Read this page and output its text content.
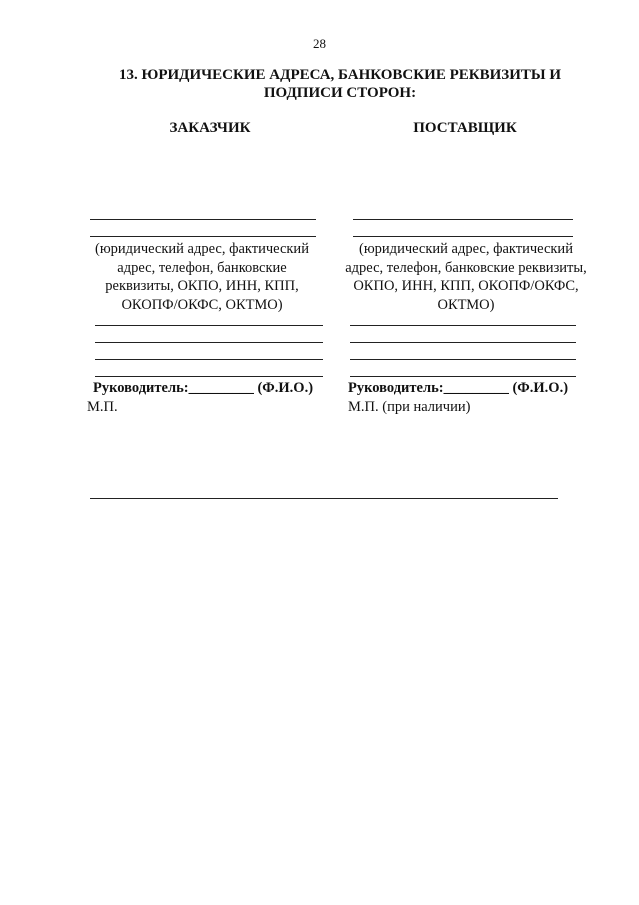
28
13. ЮРИДИЧЕСКИЕ АДРЕСА, БАНКОВСКИЕ РЕКВИЗИТЫ И
ПОДПИСИ СТОРОН:
ЗАКАЗЧИК
(юридический адрес, фактический
адрес, телефон, банковские
реквизиты, ОКПО, ИНН, КПП,
ОКОПФ/ОКФС, ОКТМО)
Руководитель:_________ (Ф.И.О.)
М.П.
ПОСТАВЩИК
(юридический адрес, фактический
адрес, телефон, банковские реквизиты,
ОКПО, ИНН, КПП, ОКОПФ/ОКФС,
ОКТМО)
Руководитель:_________ (Ф.И.О.)
М.П. (при наличии)
